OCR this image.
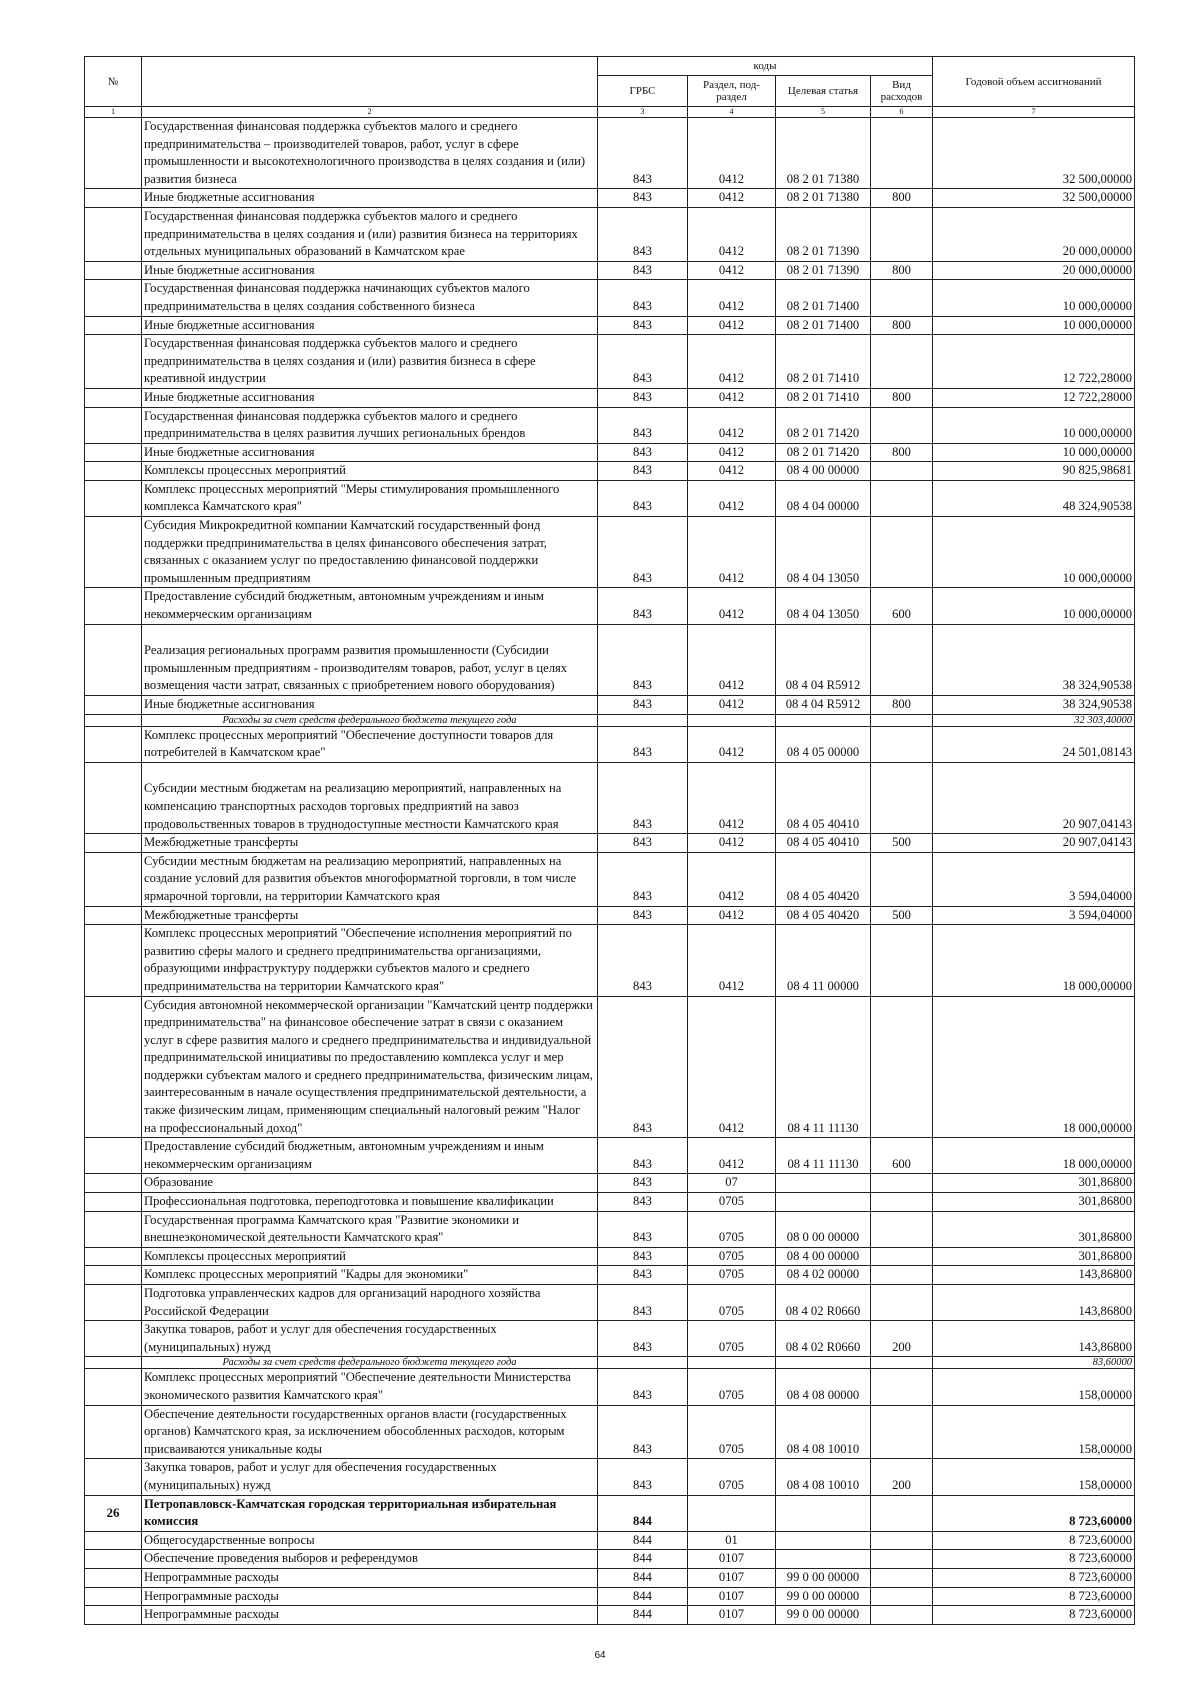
№		коды				Годовой объем ассигнований
		ГРБС	Раздел, под-раздел	Целевая статья	Вид расходов	
1	2	3	4	5	6	7
	Государственная финансовая поддержка субъектов малого и среднего предпринимательства – производителей товаров, работ, услуг в сфере промышленности и высокотехнологичного производства в целях создания и (или) развития бизнеса	843	0412	08 2 01 71380		32 500,00000
	Иные бюджетные ассигнования	843	0412	08 2 01 71380	800	32 500,00000
	Государственная финансовая поддержка субъектов малого и среднего предпринимательства в целях создания и (или) развития бизнеса на территориях отдельных муниципальных образований в Камчатском крае	843	0412	08 2 01 71390		20 000,00000
	Иные бюджетные ассигнования	843	0412	08 2 01 71390	800	20 000,00000
	Государственная финансовая поддержка начинающих субъектов малого предпринимательства в целях создания собственного бизнеса	843	0412	08 2 01 71400		10 000,00000
	Иные бюджетные ассигнования	843	0412	08 2 01 71400	800	10 000,00000
	Государственная финансовая поддержка субъектов малого и среднего предпринимательства в целях создания и (или) развития бизнеса в сфере креативной индустрии	843	0412	08 2 01 71410		12 722,28000
	Иные бюджетные ассигнования	843	0412	08 2 01 71410	800	12 722,28000
	Государственная финансовая поддержка субъектов малого и среднего предпринимательства в целях развития лучших региональных брендов	843	0412	08 2 01 71420		10 000,00000
	Иные бюджетные ассигнования	843	0412	08 2 01 71420	800	10 000,00000
	Комплексы процессных мероприятий	843	0412	08 4 00 00000		90 825,98681
	Комплекс процессных мероприятий "Меры стимулирования промышленного комплекса Камчатского края"	843	0412	08 4 04 00000		48 324,90538
	Субсидия Микрокредитной компании Камчатский государственный фонд поддержки предпринимательства в целях финансового обеспечения затрат, связанных с оказанием услуг по предоставлению финансовой поддержки промышленным предприятиям	843	0412	08 4 04 13050		10 000,00000
	Предоставление субсидий бюджетным, автономным учреждениям и иным некоммерческим организациям	843	0412	08 4 04 13050	600	10 000,00000
	Реализация региональных программ развития промышленности (Субсидии промышленным предприятиям - производителям товаров, работ, услуг в целях возмещения части затрат, связанных с приобретением нового оборудования)	843	0412	08 4 04 R5912		38 324,90538
	Иные бюджетные ассигнования	843	0412	08 4 04 R5912	800	38 324,90538
	Расходы за счет средств федерального бюджета текущего года					32 303,40000
	Комплекс процессных мероприятий "Обеспечение доступности товаров для потребителей в Камчатском крае"	843	0412	08 4 05 00000		24 501,08143
	Субсидии местным бюджетам на реализацию мероприятий, направленных на компенсацию транспортных расходов торговых предприятий на завоз продовольственных товаров в труднодоступные местности Камчатского края	843	0412	08 4 05 40410		20 907,04143
	Межбюджетные трансферты	843	0412	08 4 05 40410	500	20 907,04143
	Субсидии местным бюджетам на реализацию мероприятий, направленных на создание условий для развития объектов многоформатной торговли, в том числе ярмарочной торговли, на территории Камчатского края	843	0412	08 4 05 40420		3 594,04000
	Межбюджетные трансферты	843	0412	08 4 05 40420	500	3 594,04000
	Комплекс процессных мероприятий "Обеспечение исполнения мероприятий по развитию сферы малого и среднего предпринимательства организациями, образующими инфраструктуру поддержки субъектов малого и среднего предпринимательства на территории Камчатского края"	843	0412	08 4 11 00000		18 000,00000
	Субсидия автономной некоммерческой организации "Камчатский центр поддержки предпринимательства" на финансовое обеспечение затрат в связи с оказанием услуг в сфере развития малого и среднего предпринимательства и индивидуальной предпринимательской инициативы по предоставлению комплекса услуг и мер поддержки субъектам малого и среднего предпринимательства, физическим лицам, заинтересованным в начале осуществления предпринимательской деятельности, а также физическим лицам, применяющим специальный налоговый режим "Налог на профессиональный доход"	843	0412	08 4 11 11130		18 000,00000
	Предоставление субсидий бюджетным, автономным учреждениям и иным некоммерческим организациям	843	0412	08 4 11 11130	600	18 000,00000
	Образование	843	07			301,86800
	Профессиональная подготовка, переподготовка и повышение квалификации	843	0705			301,86800
	Государственная программа Камчатского края "Развитие экономики и внешнеэкономической деятельности Камчатского края"	843	0705	08 0 00 00000		301,86800
	Комплексы процессных мероприятий	843	0705	08 4 00 00000		301,86800
	Комплекс процессных мероприятий "Кадры для экономики"	843	0705	08 4 02 00000		143,86800
	Подготовка управленческих кадров для организаций народного хозяйства Российской Федерации	843	0705	08 4 02 R0660		143,86800
	Закупка товаров, работ и услуг для обеспечения государственных (муниципальных) нужд	843	0705	08 4 02 R0660	200	143,86800
	Расходы за счет средств федерального бюджета текущего года					83,60000
	Комплекс процессных мероприятий "Обеспечение деятельности Министерства экономического развития Камчатского края"	843	0705	08 4 08 00000		158,00000
	Обеспечение деятельности государственных органов власти (государственных органов) Камчатского края, за исключением обособленных расходов, которым присваиваются уникальные коды	843	0705	08 4 08 10010		158,00000
	Закупка товаров, работ и услуг для обеспечения государственных (муниципальных) нужд	843	0705	08 4 08 10010	200	158,00000
26	Петропавловск-Камчатская городская территориальная избирательная комиссия	844				8 723,60000
	Общегосударственные вопросы	844	01			8 723,60000
	Обеспечение проведения выборов и референдумов	844	0107			8 723,60000
	Непрограммные расходы	844	0107	99 0 00 00000		8 723,60000
	Непрограммные расходы	844	0107	99 0 00 00000		8 723,60000
	Непрограммные расходы	844	0107	99 0 00 00000		8 723,60000
64
